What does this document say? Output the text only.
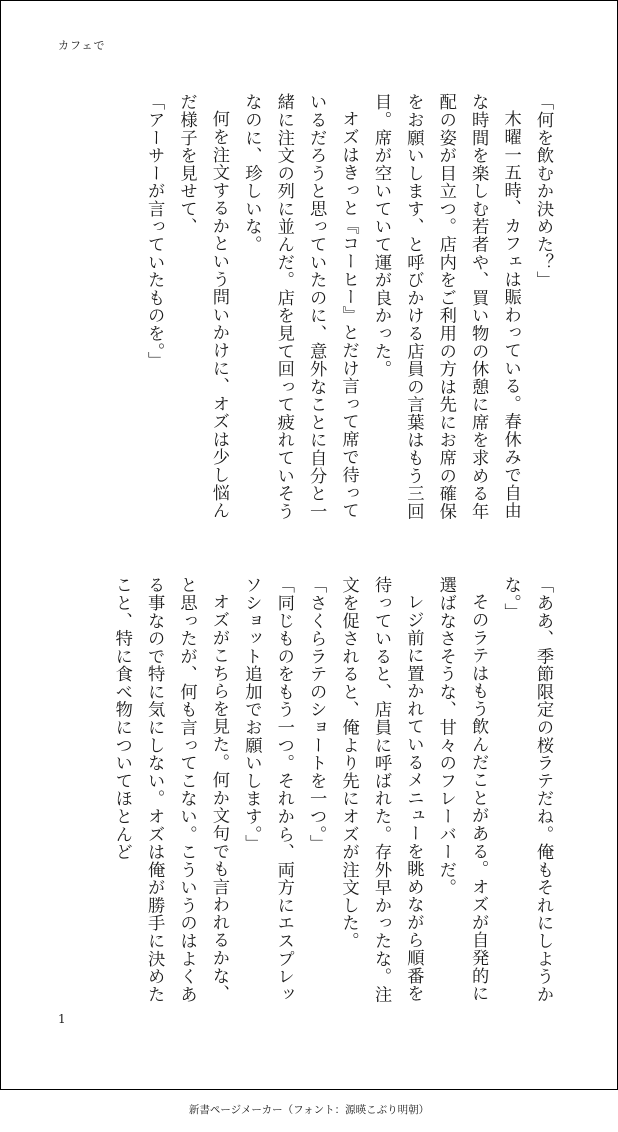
カフェで

「何を飲むか決めた？」

木曜一五時、カフェは賑わっている。春休みで自由な時間を楽しむ若者や、買い物の休憩に席を求める年配の姿が目立つ。店内をご利用の方は先にお席の確保をお願いします、と呼びかける店員の言葉はもう三回目。席が空いていて運が良かった。

オズはきっと『コーヒー』とだけ言って席で待っているだろうと思っていたのに、意外なことに自分と一緒に注文の列に並んだ。店を見て回って疲れていそうなのに、珍しいな。

何を注文するかという問いかけに、オズは少し悩んだ様子を見せて、

「アーサーが言っていたものを。」

「ああ、季節限定の桜ラテだね。俺もそれにしようかな。」

そのラテはもう飲んだことがある。オズが自発的に選ばなさそうな、甘々のフレーバーだ。

レジ前に置かれているメニューを眺めながら順番を待っていると、店員に呼ばれた。存外早かったな。注文を促されると、俺より先にオズが注文した。

「さくらラテのショートを一つ。」

「同じものをもう一つ。それから、両方にエスプレッソショット追加でお願いします。」

オズがこちらを見た。何か文句でも言われるかな、と思ったが、何も言ってこない。こういうのはよくある事なので特に気にしない。オズは俺が勝手に決めたこと、特に食べ物についてほとんど

1
新書ページメーカー（フォント：源暎こぶり明朝）
